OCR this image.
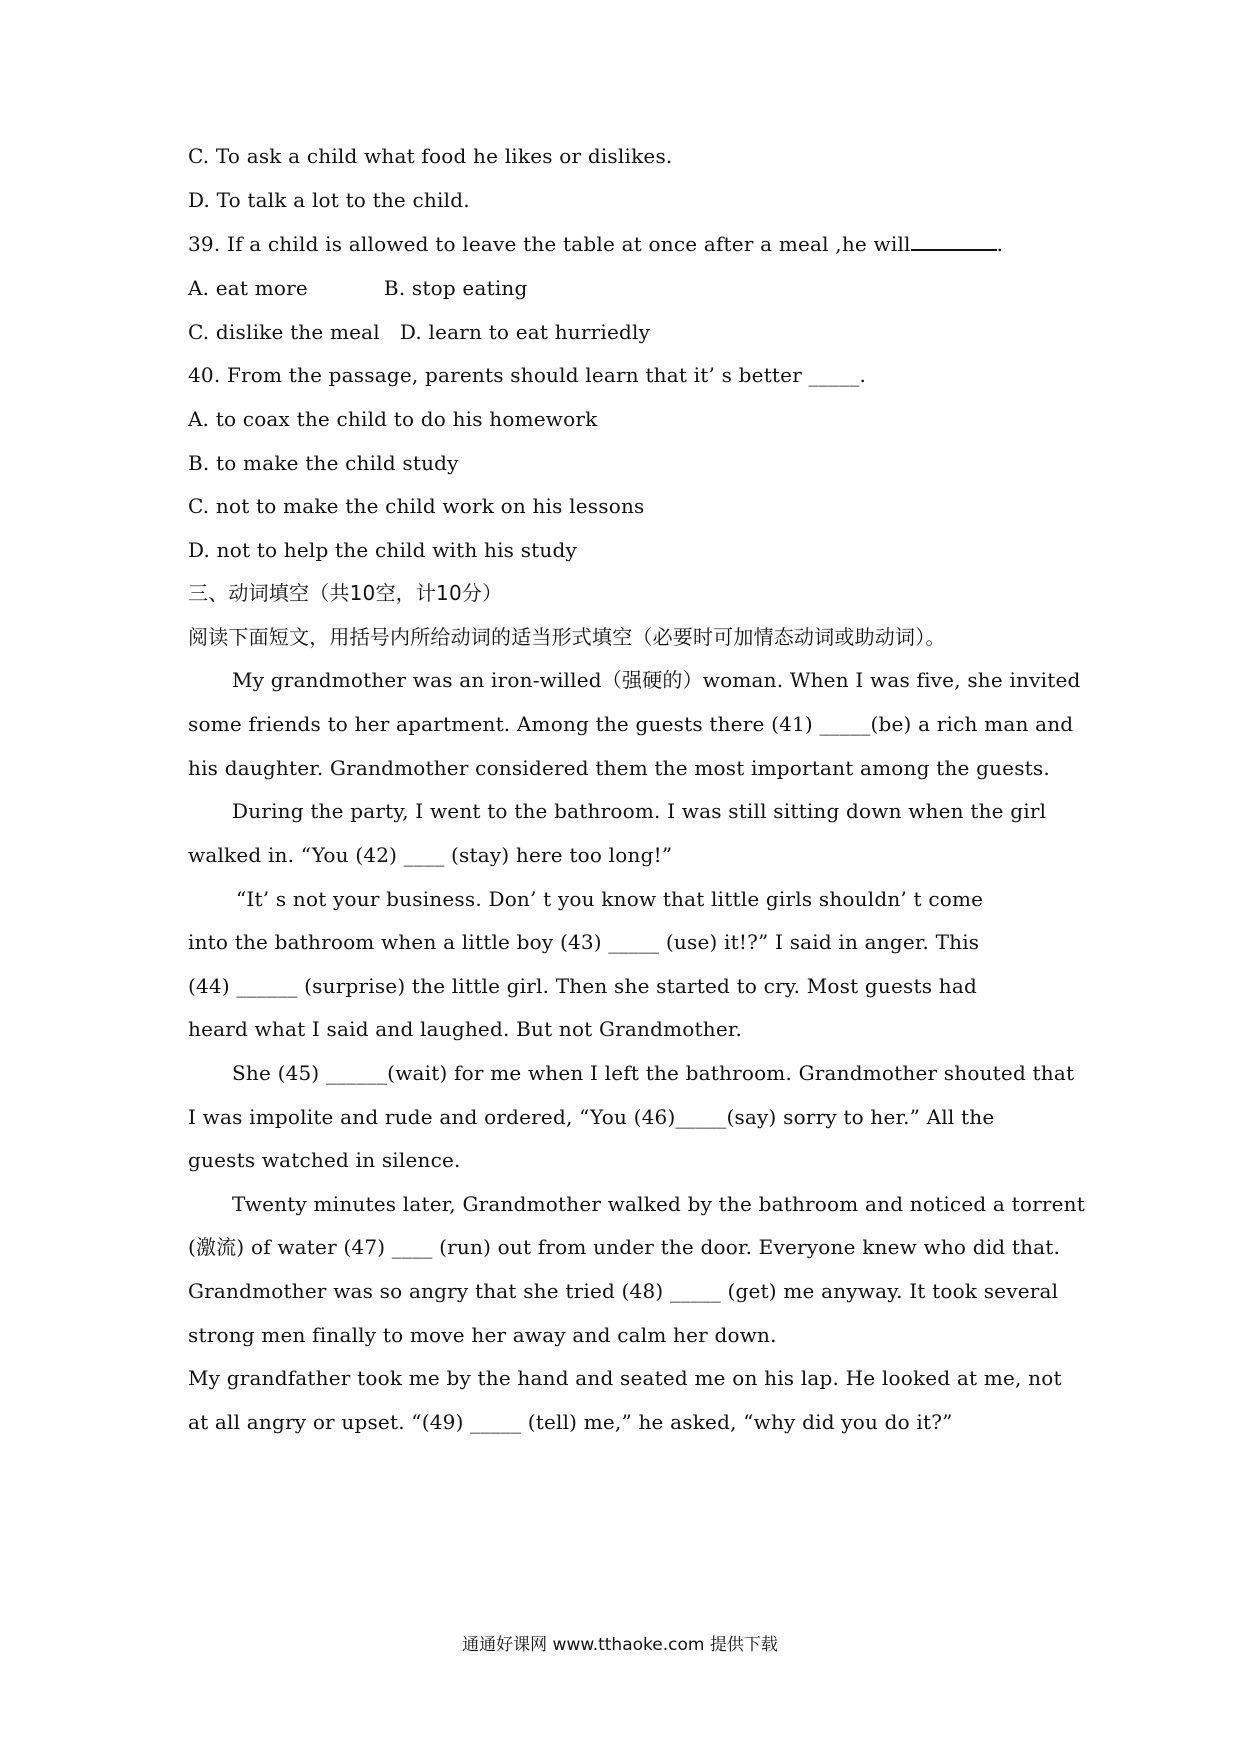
C. To ask a child what food he likes or dislikes.
D. To talk a lot to the child.
39. If a child is allowed to leave the table at once after a meal ,he will	.
A. eat more	B. stop eating
C. dislike the meal D. learn to eat hurriedly
40. From the passage, parents should learn that it’ s better _____.
A. to coax the child to do his homework
B. to make the child study
C. not to make the child work on his lessons
D. not to help the child with his study
三、动词填空（共10空，计10分）
阅读下面短文，用括号内所给动词的适当形式填空（必要时可加情态动词或助动词）。
My grandmother was an iron-willed（强硬的）woman. When I was five, she invited
some friends to her apartment. Among the guests there (41) _____(be) a rich man and
his daughter. Grandmother considered them the most important among the guests.
During the party, I went to the bathroom. I was still sitting down when the girl
walked in. “You (42) ____ (stay) here too long!”
“It’ s not your business. Don’ t you know that little girls shouldn’ t come
into the bathroom when a little boy (43) _____ (use) it!?” I said in anger. This
(44) ______ (surprise) the little girl. Then she started to cry. Most guests had
heard what I said and laughed. But not Grandmother.
She (45) ______(wait) for me when I left the bathroom. Grandmother shouted that
I was impolite and rude and ordered, “You (46)_____(say) sorry to her.” All the
guests watched in silence.
Twenty minutes later, Grandmother walked by the bathroom and noticed a torrent
(激流) of water (47) ____ (run) out from under the door. Everyone knew who did that.
Grandmother was so angry that she tried (48) _____ (get) me anyway. It took several
strong men finally to move her away and calm her down.
My grandfather took me by the hand and seated me on his lap. He looked at me, not
at all angry or upset. “(49) _____ (tell) me,” he asked, “why did you do it?”
通通好课网 www.tthaoke.com 提供下载
